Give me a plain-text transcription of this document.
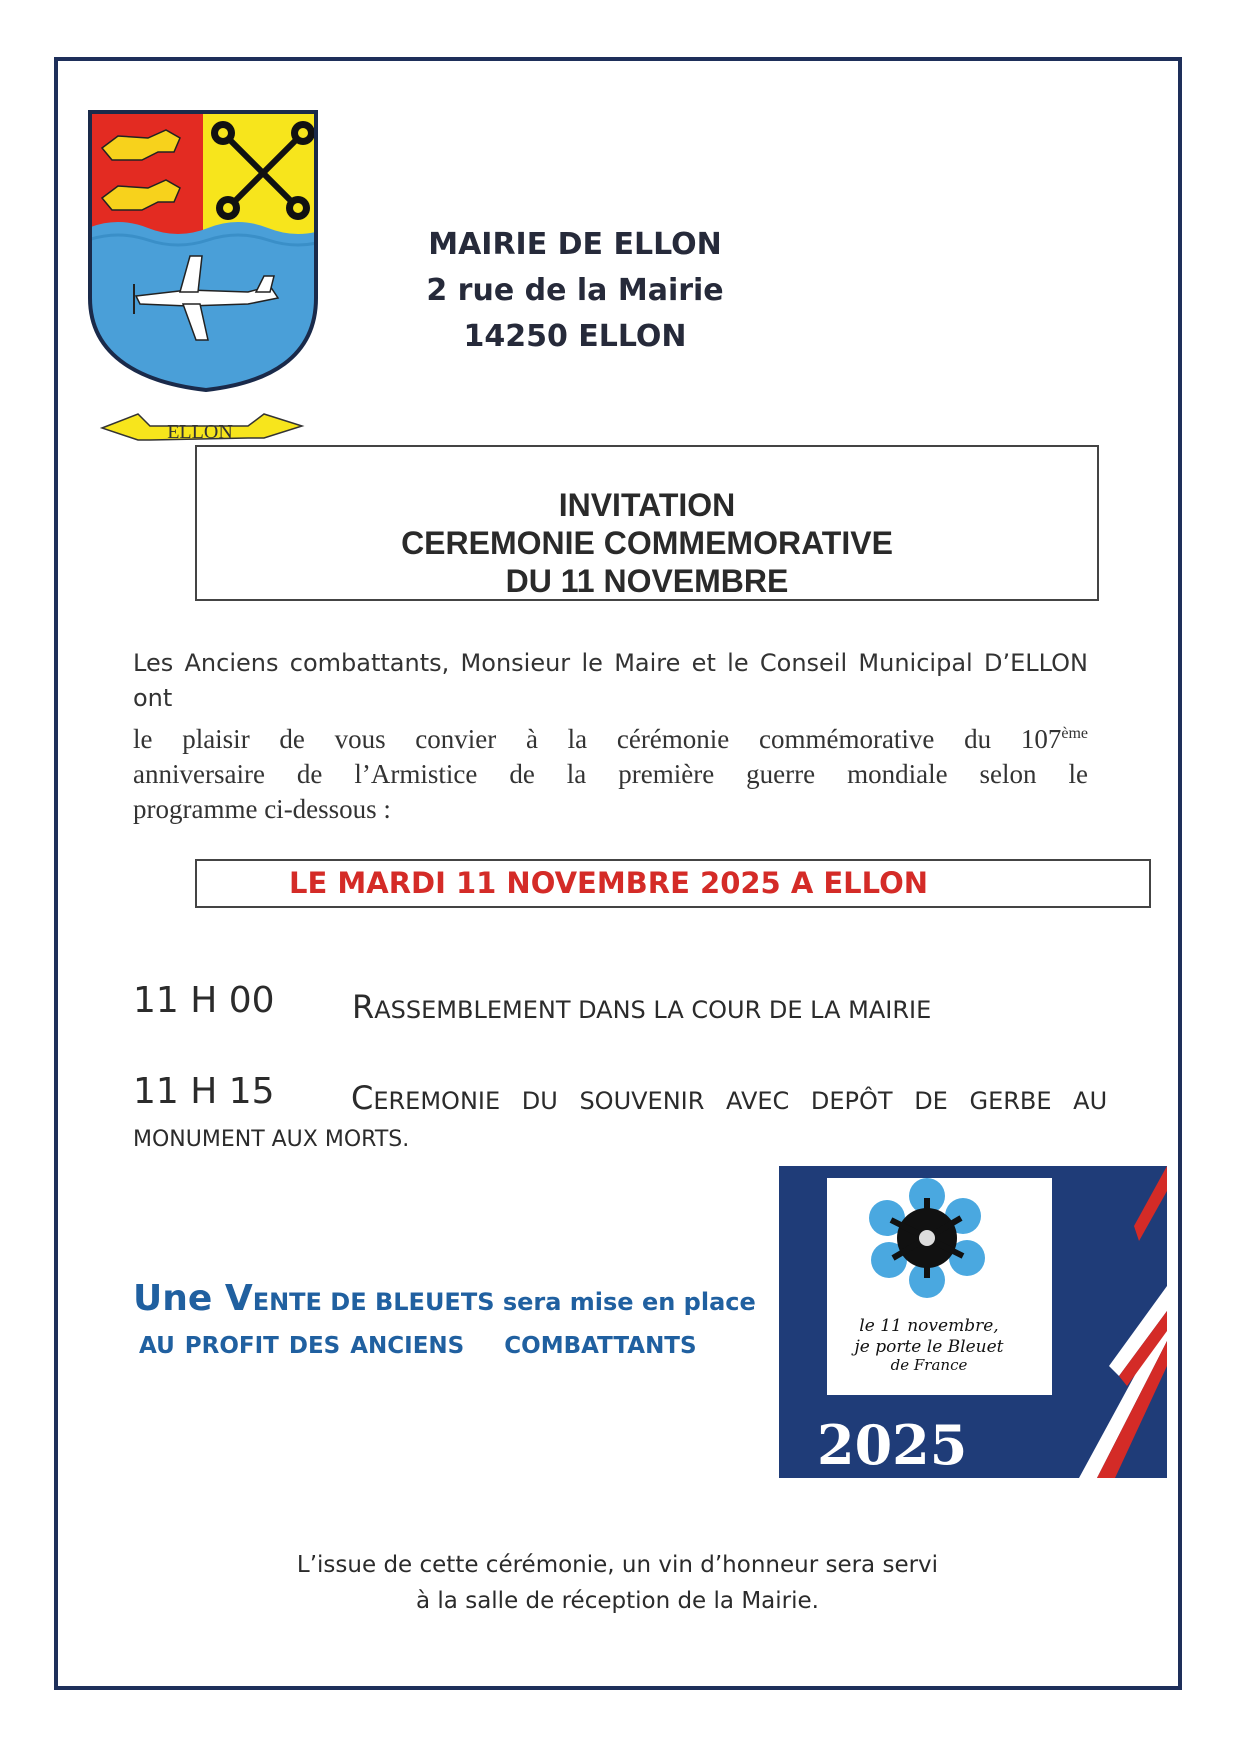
ELLON
MAIRIE DE ELLON
2 rue de la Mairie
14250 ELLON
INVITATION
CEREMONIE COMMEMORATIVE
DU 11 NOVEMBRE
Les Anciens combattants, Monsieur le Maire et le Conseil Municipal D’ELLON ont
le plaisir de vous convier à la cérémonie commémorative du 107ème
anniversaire de l’Armistice de la première guerre mondiale selon le
programme ci-dessous :
LE MARDI 11 NOVEMBRE 2025 A ELLON
11 H 00 RASSEMBLEMENT DANS LA COUR DE LA MAIRIE
11 H 15 CEREMONIE DU SOUVENIR AVEC DEPÔT DE GERBE AU
MONUMENT AUX MORTS.
Une VENTE DE BLEUETS sera mise en place
AU PROFIT DES ANCIENS    COMBATTANTS
le 11 novembre,
je porte le Bleuet
de France
2025
L’issue de cette cérémonie, un vin d’honneur sera servi
à la salle de réception de la Mairie.
